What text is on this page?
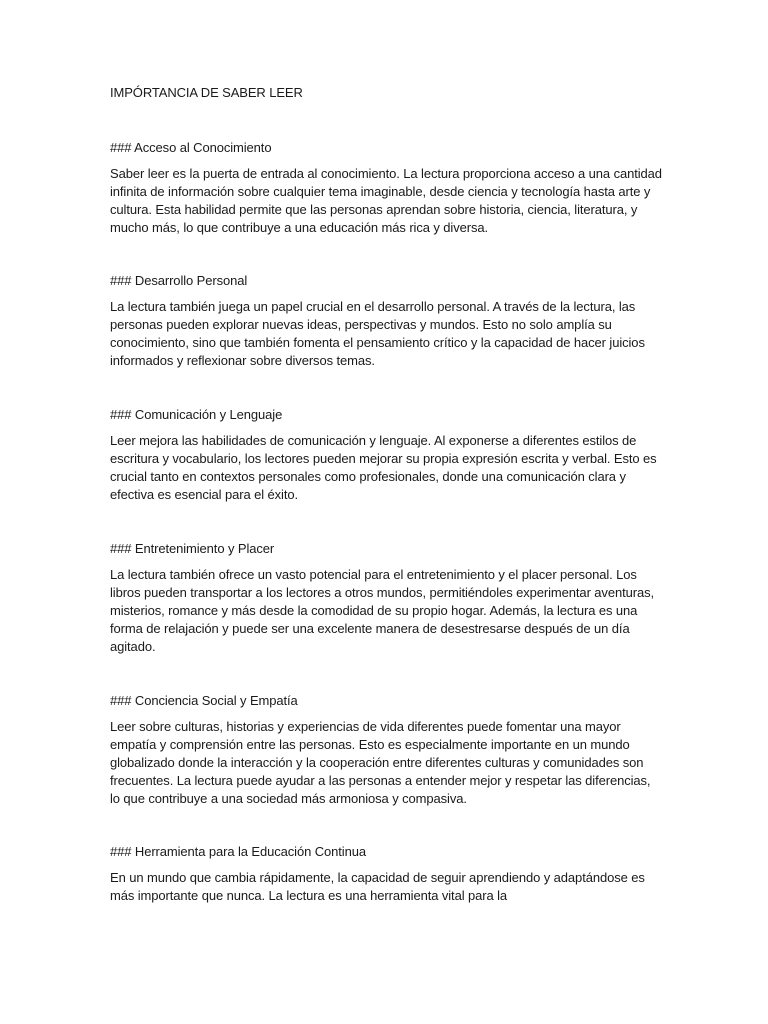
IMPÓRTANCIA DE SABER LEER
### Acceso al Conocimiento

Saber leer es la puerta de entrada al conocimiento. La lectura proporciona acceso a una cantidad infinita de información sobre cualquier tema imaginable, desde ciencia y tecnología hasta arte y cultura. Esta habilidad permite que las personas aprendan sobre historia, ciencia, literatura, y mucho más, lo que contribuye a una educación más rica y diversa.

### Desarrollo Personal

La lectura también juega un papel crucial en el desarrollo personal. A través de la lectura, las personas pueden explorar nuevas ideas, perspectivas y mundos. Esto no solo amplía su conocimiento, sino que también fomenta el pensamiento crítico y la capacidad de hacer juicios informados y reflexionar sobre diversos temas.

### Comunicación y Lenguaje

Leer mejora las habilidades de comunicación y lenguaje. Al exponerse a diferentes estilos de escritura y vocabulario, los lectores pueden mejorar su propia expresión escrita y verbal. Esto es crucial tanto en contextos personales como profesionales, donde una comunicación clara y efectiva es esencial para el éxito.

### Entretenimiento y Placer

La lectura también ofrece un vasto potencial para el entretenimiento y el placer personal. Los libros pueden transportar a los lectores a otros mundos, permitiéndoles experimentar aventuras, misterios, romance y más desde la comodidad de su propio hogar. Además, la lectura es una forma de relajación y puede ser una excelente manera de desestresarse después de un día agitado.

### Conciencia Social y Empatía

Leer sobre culturas, historias y experiencias de vida diferentes puede fomentar una mayor empatía y comprensión entre las personas. Esto es especialmente importante en un mundo globalizado donde la interacción y la cooperación entre diferentes culturas y comunidades son frecuentes. La lectura puede ayudar a las personas a entender mejor y respetar las diferencias, lo que contribuye a una sociedad más armoniosa y compasiva.

### Herramienta para la Educación Continua

En un mundo que cambia rápidamente, la capacidad de seguir aprendiendo y adaptándose es más importante que nunca. La lectura es una herramienta vital para la
